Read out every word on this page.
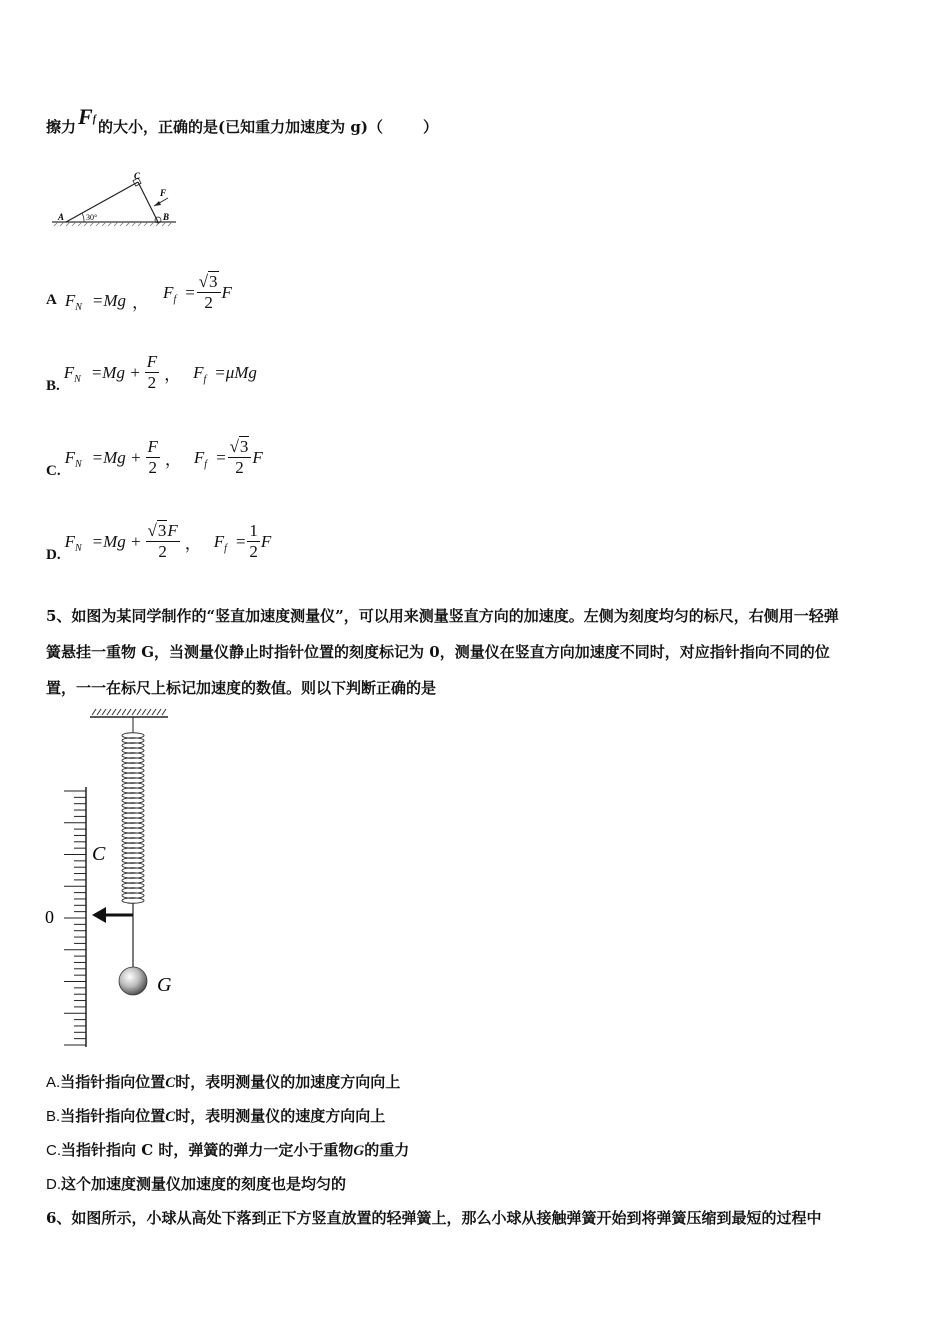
擦力Ff 的大小，正确的是(已知重力加速度为 g)（	）
A	30°
C
F
B
A $F_N =Mg$ ，
$F_f = \frac{√3}{2}$ F
B.
$F_N =Mg + \frac{F}{2}$ ， $F_f =\mu Mg$
C.
$F_N =Mg + \frac{F}{2}$ ， $F_f = \frac{√3}{2}$ F
D.
$F_N =Mg + \frac{√3F}{2}$ ， $F_f = \frac{1}{2}$ F
5、如图为某同学制作的“竖直加速度测量仪”，可以用来测量竖直方向的加速度。左侧为刻度均匀的标尺，右侧用一轻弹
簧悬挂一重物 G，当测量仪静止时指针位置的刻度标记为 0，测量仪在竖直方向加速度不同时，对应指针指向不同的位
置，一一在标尺上标记加速度的数值。则以下判断正确的是
C
0
G
A.当指针指向位置C时，表明测量仪的加速度方向向上
B.当指针指向位置C时，表明测量仪的速度方向向上
C.当指针指向 C 时，弹簧的弹力一定小于重物G的重力
D.这个加速度测量仪加速度的刻度也是均匀的
6、如图所示，小球从高处下落到正下方竖直放置的轻弹簧上，那么小球从接触弹簧开始到将弹簧压缩到最短的过程中
